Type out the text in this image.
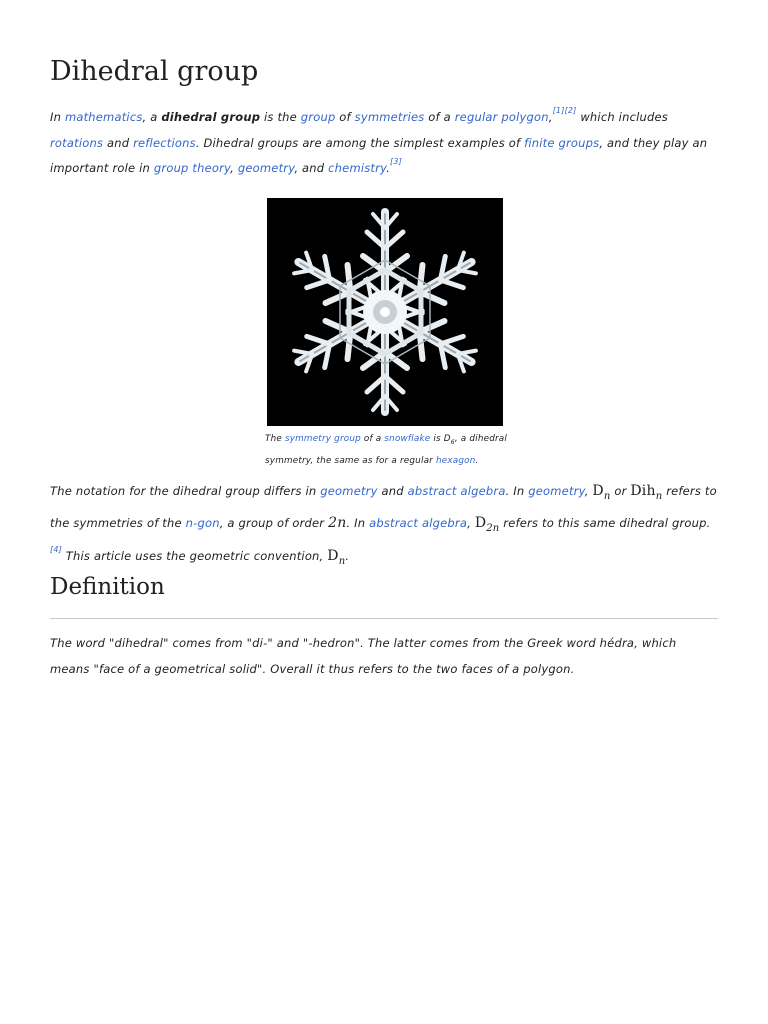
Dihedral group

In mathematics, a dihedral group is the group of symmetries of a regular polygon,[1][2] which includes rotations and reflections. Dihedral groups are among the simplest examples of finite groups, and they play an important role in group theory, geometry, and chemistry.[3]

The symmetry group of a snowflake is $D_6$, a dihedral symmetry, the same as for a regular hexagon.

The notation for the dihedral group differs in geometry and abstract algebra. In geometry, $D_n$ or Dih$_n$ refers to the symmetries of the n-gon, a group of order 2n. In abstract algebra, $D_{2n}$ refers to this same dihedral group.[4] This article uses the geometric convention, $D_n$.

Definition

The word "dihedral" comes from "di-" and "-hedron". The latter comes from the Greek word hédra, which means "face of a geometrical solid". Overall it thus refers to the two faces of a polygon.
